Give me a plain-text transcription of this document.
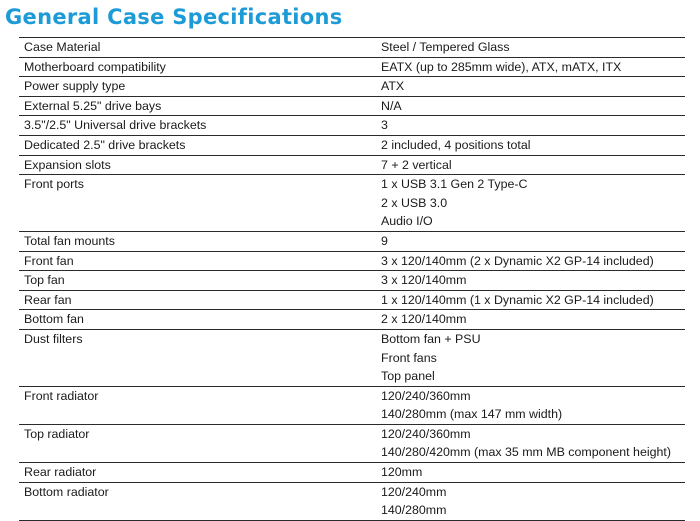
General Case Specifications
Case Material	Steel / Tempered Glass

Motherboard compatibility	EATX (up to 285mm wide), ATX, mATX, ITX

Power supply type	ATX

External 5.25" drive bays	N/A

3.5"/2.5" Universal drive brackets	3

Dedicated 2.5" drive brackets	2 included, 4 positions total

Expansion slots	7 + 2 vertical

Front ports	1 x USB 3.1 Gen 2 Type-C
2 x USB 3.0
Audio I/O

Total fan mounts	9

Front fan	3 x 120/140mm (2 x Dynamic X2 GP-14 included)

Top fan	3 x 120/140mm

Rear fan	1 x 120/140mm (1 x Dynamic X2 GP-14 included)

Bottom fan	2 x 120/140mm

Dust filters	Bottom fan + PSU
Front fans
Top panel

Front radiator	120/240/360mm
140/280mm (max 147 mm width)

Top radiator	120/240/360mm
140/280/420mm (max 35 mm MB component height)

Rear radiator	120mm

Bottom radiator	120/240mm
140/280mm
